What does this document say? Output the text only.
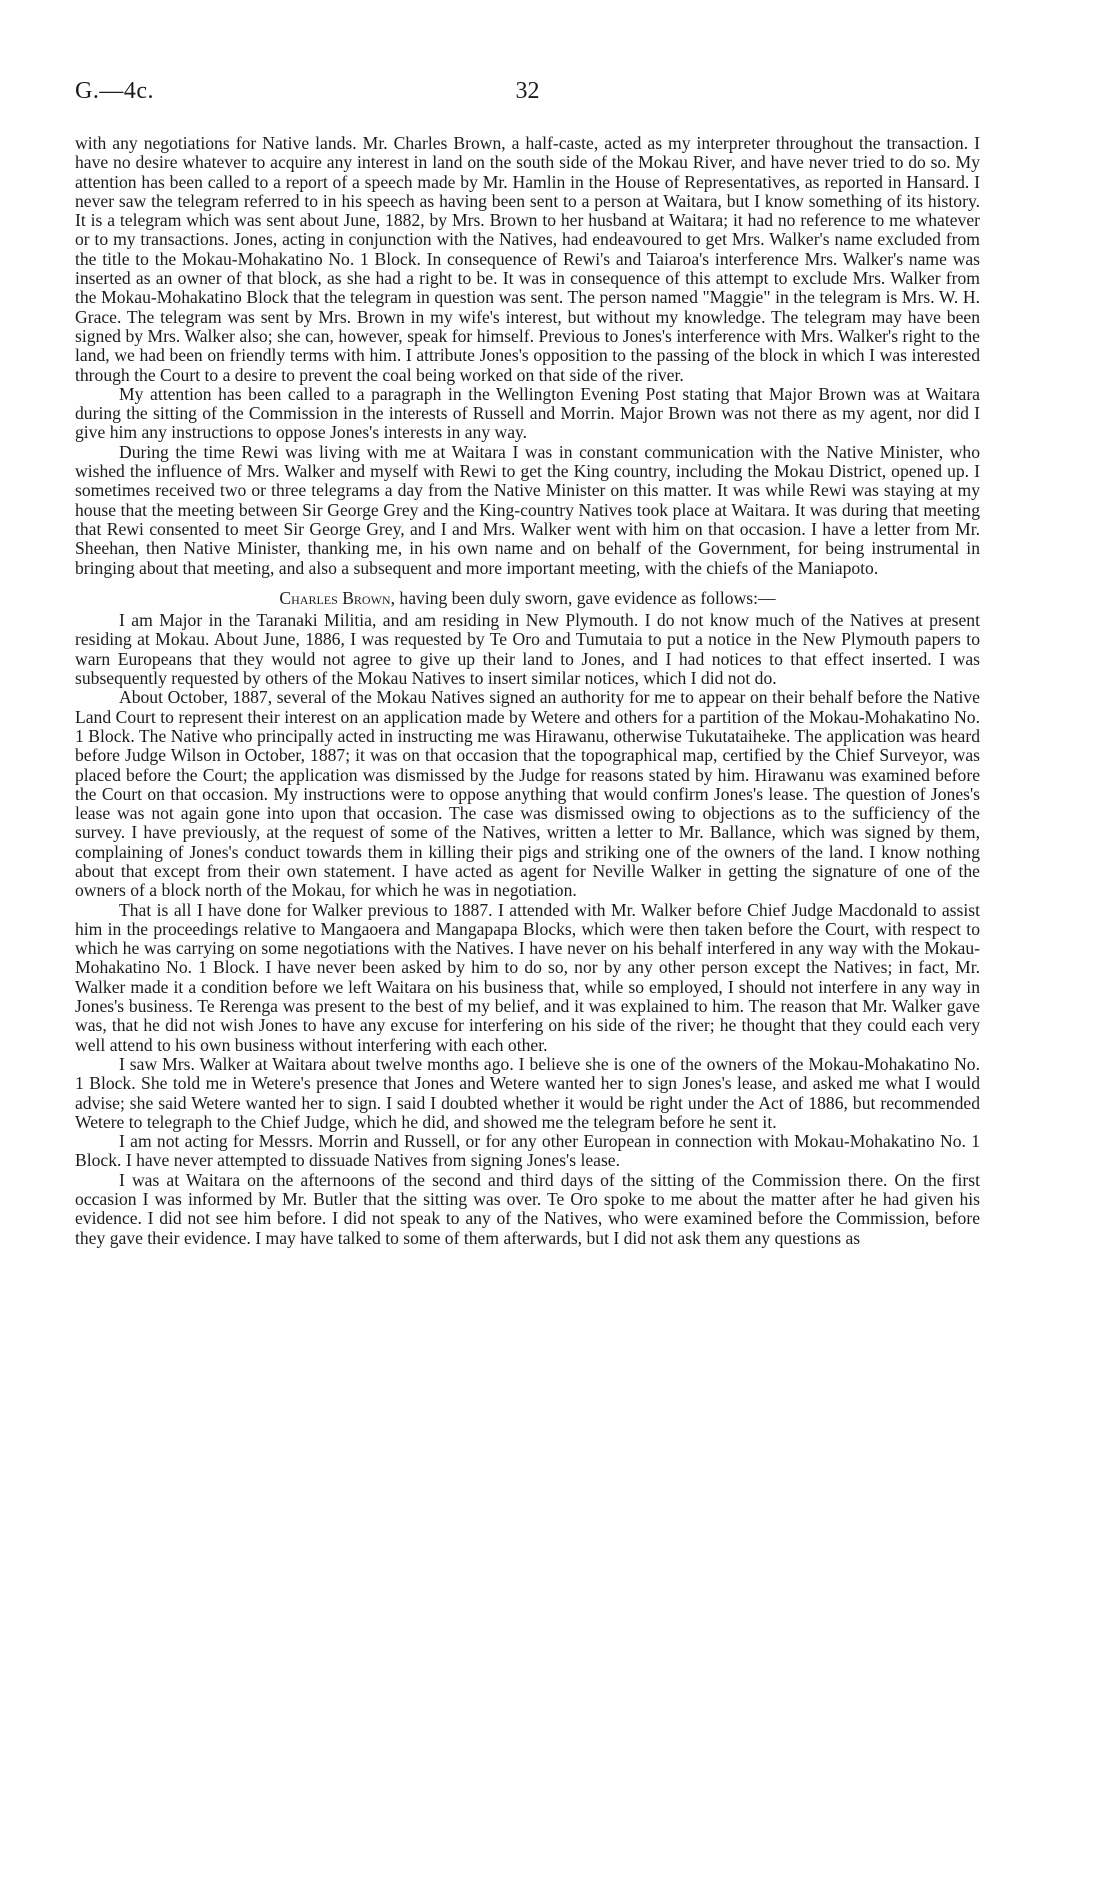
G.—4c.	32

with any negotiations for Native lands. Mr. Charles Brown, a half-caste, acted as my interpreter throughout the transaction. I have no desire whatever to acquire any interest in land on the south side of the Mokau River, and have never tried to do so. My attention has been called to a report of a speech made by Mr. Hamlin in the House of Representatives, as reported in Hansard. I never saw the telegram referred to in his speech as having been sent to a person at Waitara, but I know something of its history. It is a telegram which was sent about June, 1882, by Mrs. Brown to her husband at Waitara; it had no reference to me whatever or to my transactions. Jones, acting in conjunction with the Natives, had endeavoured to get Mrs. Walker's name excluded from the title to the Mokau-Mohakatino No. 1 Block. In consequence of Rewi's and Taiaroa's interference Mrs. Walker's name was inserted as an owner of that block, as she had a right to be. It was in consequence of this attempt to exclude Mrs. Walker from the Mokau-Mohakatino Block that the telegram in question was sent. The person named "Maggie" in the telegram is Mrs. W. H. Grace. The telegram was sent by Mrs. Brown in my wife's interest, but without my knowledge. The telegram may have been signed by Mrs. Walker also; she can, however, speak for himself. Previous to Jones's interference with Mrs. Walker's right to the land, we had been on friendly terms with him. I attribute Jones's opposition to the passing of the block in which I was interested through the Court to a desire to prevent the coal being worked on that side of the river.

My attention has been called to a paragraph in the Wellington Evening Post stating that Major Brown was at Waitara during the sitting of the Commission in the interests of Russell and Morrin. Major Brown was not there as my agent, nor did I give him any instructions to oppose Jones's interests in any way.

During the time Rewi was living with me at Waitara I was in constant communication with the Native Minister, who wished the influence of Mrs. Walker and myself with Rewi to get the King country, including the Mokau District, opened up. I sometimes received two or three telegrams a day from the Native Minister on this matter. It was while Rewi was staying at my house that the meeting between Sir George Grey and the King-country Natives took place at Waitara. It was during that meeting that Rewi consented to meet Sir George Grey, and I and Mrs. Walker went with him on that occasion. I have a letter from Mr. Sheehan, then Native Minister, thanking me, in his own name and on behalf of the Government, for being instrumental in bringing about that meeting, and also a subsequent and more important meeting, with the chiefs of the Maniapoto.

Charles Brown, having been duly sworn, gave evidence as follows:—

I am Major in the Taranaki Militia, and am residing in New Plymouth. I do not know much of the Natives at present residing at Mokau. About June, 1886, I was requested by Te Oro and Tumutaia to put a notice in the New Plymouth papers to warn Europeans that they would not agree to give up their land to Jones, and I had notices to that effect inserted. I was subsequently requested by others of the Mokau Natives to insert similar notices, which I did not do.

About October, 1887, several of the Mokau Natives signed an authority for me to appear on their behalf before the Native Land Court to represent their interest on an application made by Wetere and others for a partition of the Mokau-Mohakatino No. 1 Block. The Native who principally acted in instructing me was Hirawanu, otherwise Tukutataiheke. The application was heard before Judge Wilson in October, 1887; it was on that occasion that the topographical map, certified by the Chief Surveyor, was placed before the Court; the application was dismissed by the Judge for reasons stated by him. Hirawanu was examined before the Court on that occasion. My instructions were to oppose anything that would confirm Jones's lease. The question of Jones's lease was not again gone into upon that occasion. The case was dismissed owing to objections as to the sufficiency of the survey. I have previously, at the request of some of the Natives, written a letter to Mr. Ballance, which was signed by them, complaining of Jones's conduct towards them in killing their pigs and striking one of the owners of the land. I know nothing about that except from their own statement. I have acted as agent for Neville Walker in getting the signature of one of the owners of a block north of the Mokau, for which he was in negotiation.

That is all I have done for Walker previous to 1887. I attended with Mr. Walker before Chief Judge Macdonald to assist him in the proceedings relative to Mangaoera and Mangapapa Blocks, which were then taken before the Court, with respect to which he was carrying on some negotiations with the Natives. I have never on his behalf interfered in any way with the Mokau-Mohakatino No. 1 Block. I have never been asked by him to do so, nor by any other person except the Natives; in fact, Mr. Walker made it a condition before we left Waitara on his business that, while so employed, I should not interfere in any way in Jones's business. Te Rerenga was present to the best of my belief, and it was explained to him. The reason that Mr. Walker gave was, that he did not wish Jones to have any excuse for interfering on his side of the river; he thought that they could each very well attend to his own business without interfering with each other.

I saw Mrs. Walker at Waitara about twelve months ago. I believe she is one of the owners of the Mokau-Mohakatino No. 1 Block. She told me in Wetere's presence that Jones and Wetere wanted her to sign Jones's lease, and asked me what I would advise; she said Wetere wanted her to sign. I said I doubted whether it would be right under the Act of 1886, but recommended Wetere to telegraph to the Chief Judge, which he did, and showed me the telegram before he sent it.

I am not acting for Messrs. Morrin and Russell, or for any other European in connection with Mokau-Mohakatino No. 1 Block. I have never attempted to dissuade Natives from signing Jones's lease.

I was at Waitara on the afternoons of the second and third days of the sitting of the Commission there. On the first occasion I was informed by Mr. Butler that the sitting was over. Te Oro spoke to me about the matter after he had given his evidence. I did not see him before. I did not speak to any of the Natives, who were examined before the Commission, before they gave their evidence. I may have talked to some of them afterwards, but I did not ask them any questions as
